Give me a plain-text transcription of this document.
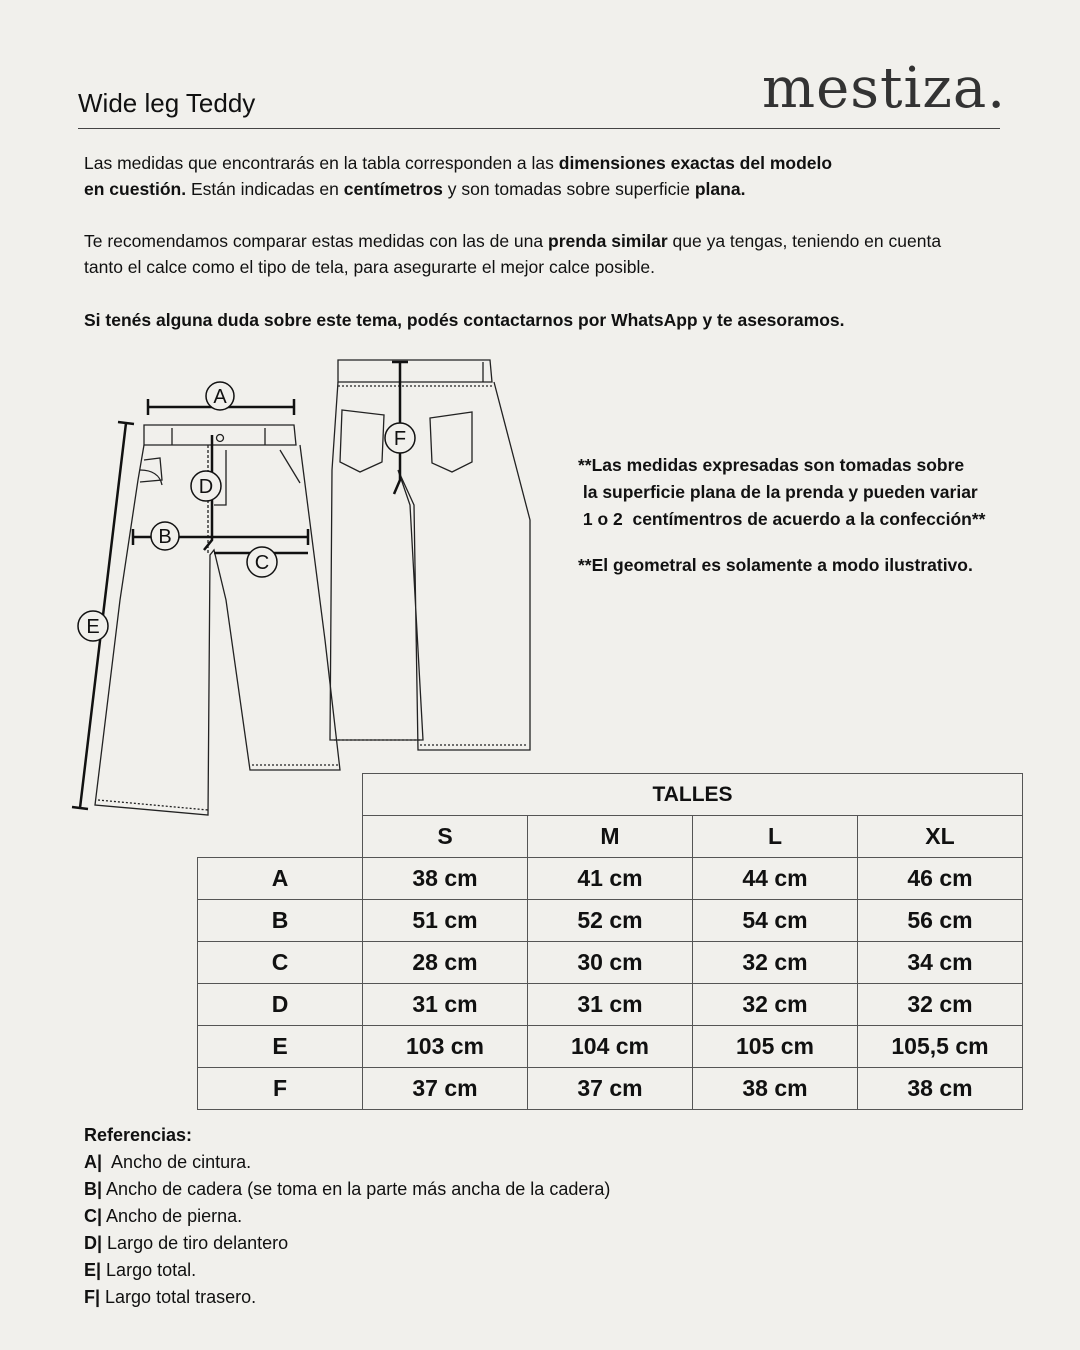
Wide leg Teddy	mestiza.

Las medidas que encontrarás en la tabla corresponden a las dimensiones exactas del modelo
en cuestión. Están indicadas en centímetros y son tomadas sobre superficie plana.

Te recomendamos comparar estas medidas con las de una prenda similar que ya tengas, teniendo en cuenta
tanto el calce como el tipo de tela, para asegurarte el mejor calce posible.

Si tenés alguna duda sobre este tema, podés contactarnos por WhatsApp y te asesoramos.

**Las medidas expresadas son tomadas sobre

la superficie plana de la prenda y pueden variar

1 o 2  centímentros de acuerdo a la confección**

**El geometral es solamente a modo ilustrativo.

A
B
C
D
E
F
	TALLES			
	S	M	L	XL
A	38 cm	41 cm	44 cm	46 cm
B	51 cm	52 cm	54 cm	56 cm
C	28 cm	30 cm	32 cm	34 cm
D	31 cm	31 cm	32 cm	32 cm
E	103 cm	104 cm	105 cm	105,5 cm
F	37 cm	37 cm	38 cm	38 cm
Referencias:
A|  Ancho de cintura.
B| Ancho de cadera (se toma en la parte más ancha de la cadera)
C| Ancho de pierna.
D| Largo de tiro delantero
E| Largo total.
F| Largo total trasero.
